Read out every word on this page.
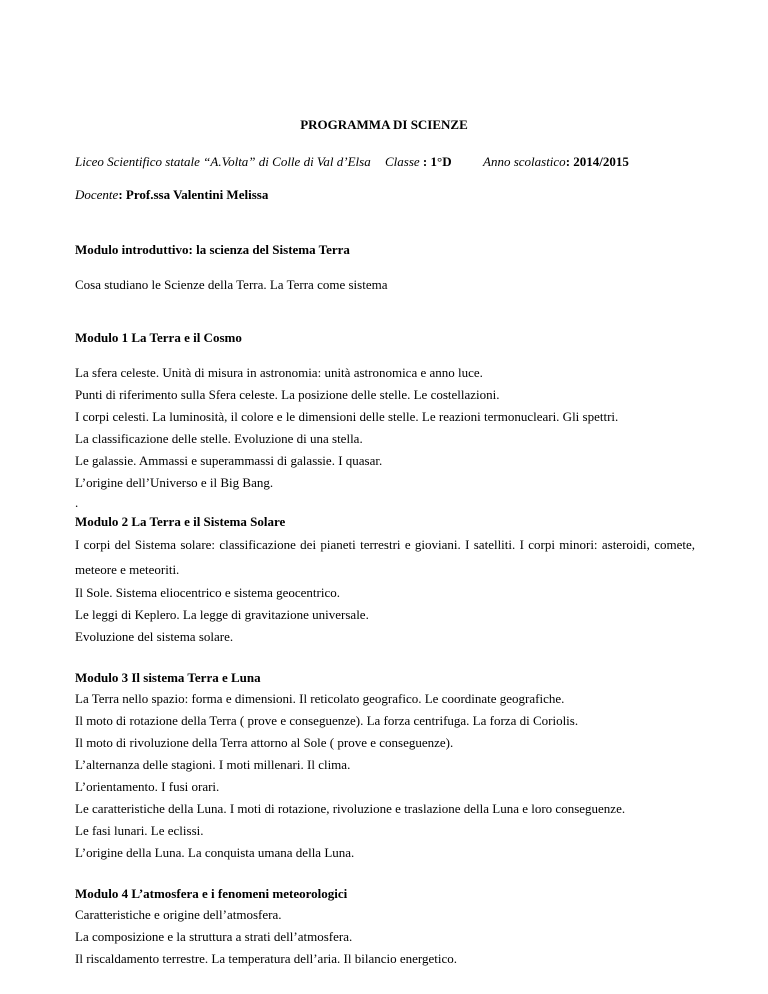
PROGRAMMA DI SCIENZE
Liceo Scientifico statale “A.Volta” di Colle di Val d’Elsa Classe : 1°D Anno scolastico: 2014/2015
Docente: Prof.ssa Valentini Melissa
Modulo introduttivo: la scienza del Sistema Terra
Cosa studiano le Scienze della Terra. La Terra come sistema
Modulo 1 La Terra e il Cosmo
La sfera celeste. Unità di misura in astronomia: unità astronomica e anno luce.
Punti di riferimento sulla Sfera celeste. La posizione delle stelle. Le costellazioni.
I corpi celesti. La luminosità, il colore e le dimensioni delle stelle. Le reazioni termonucleari. Gli spettri.
La classificazione delle stelle. Evoluzione di una stella.
Le galassie. Ammassi e superammassi di galassie. I quasar.
L’origine dell’Universo e il Big Bang.
.
Modulo 2 La Terra e il Sistema Solare
I corpi del Sistema solare: classificazione dei pianeti terrestri e gioviani. I satelliti. I corpi minori: asteroidi, comete, meteore e meteoriti.
Il Sole. Sistema eliocentrico e sistema geocentrico.
Le leggi di Keplero. La legge di gravitazione universale.
Evoluzione del sistema solare.
Modulo 3 Il sistema Terra e Luna
La Terra nello spazio: forma e dimensioni. Il reticolato geografico. Le coordinate geografiche.
Il moto di rotazione della Terra ( prove e conseguenze). La forza centrifuga. La forza di Coriolis.
Il moto di rivoluzione della Terra attorno al Sole ( prove e conseguenze).
L’alternanza delle stagioni. I moti millenari. Il clima.
L’orientamento. I fusi orari.
Le caratteristiche della Luna. I moti di rotazione, rivoluzione e traslazione della Luna e loro conseguenze.
Le fasi lunari. Le eclissi.
L’origine della Luna. La conquista umana della Luna.
Modulo 4 L’atmosfera e i fenomeni meteorologici
Caratteristiche e origine dell’atmosfera.
La composizione e la struttura a strati dell’atmosfera.
Il riscaldamento terrestre. La temperatura dell’aria. Il bilancio energetico.
